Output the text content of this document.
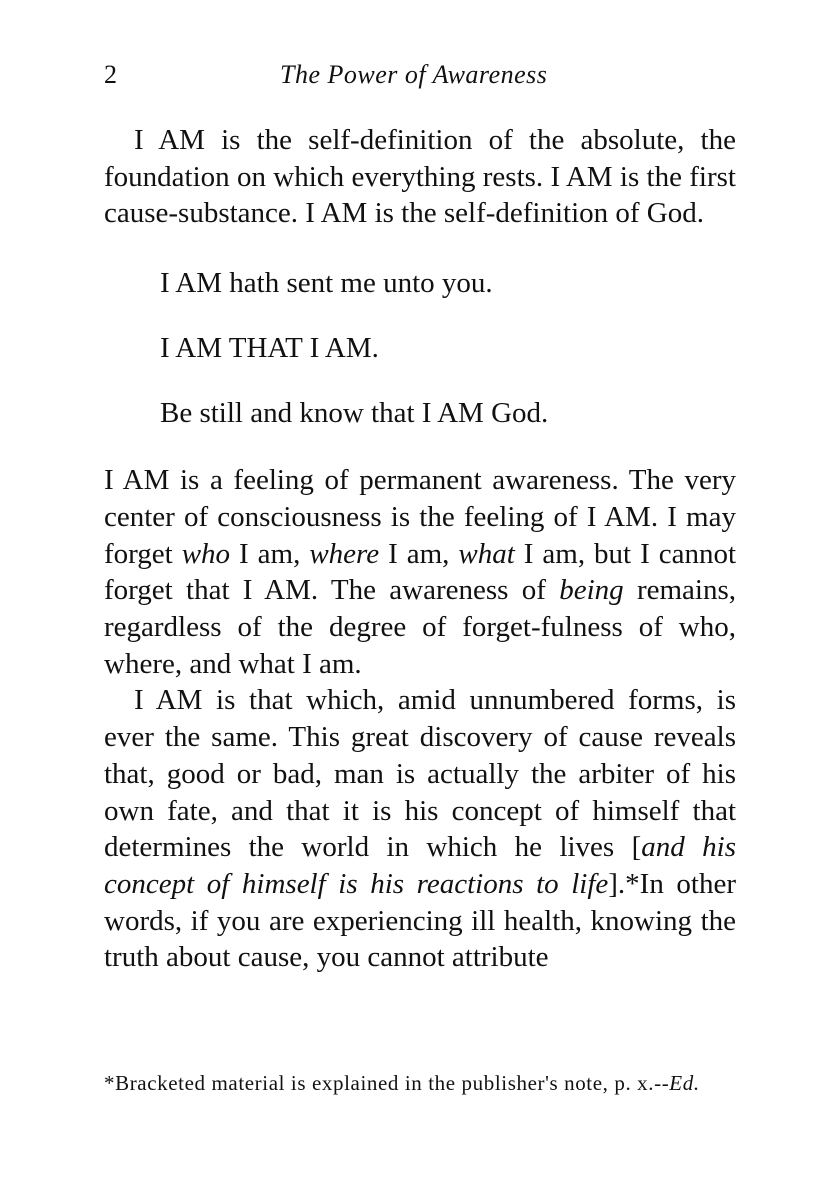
2	The Power of Awareness

I AM is the self-definition of the absolute, the foundation on which everything rests. I AM is the first cause-substance. I AM is the self-definition of God.

I AM hath sent me unto you.

I AM THAT I AM.

Be still and know that I AM God.

I AM is a feeling of permanent awareness. The very center of consciousness is the feeling of I AM. I may forget who I am, where I am, what I am, but I cannot forget that I AM. The awareness of being remains, regardless of the degree of forget-fulness of who, where, and what I am.

I AM is that which, amid unnumbered forms, is ever the same. This great discovery of cause reveals that, good or bad, man is actually the arbiter of his own fate, and that it is his concept of himself that determines the world in which he lives [and his concept of himself is his reactions to life].*In other words, if you are experiencing ill health, knowing the truth about cause, you cannot attribute

*Bracketed material is explained in the publisher's note, p. x.--Ed.
